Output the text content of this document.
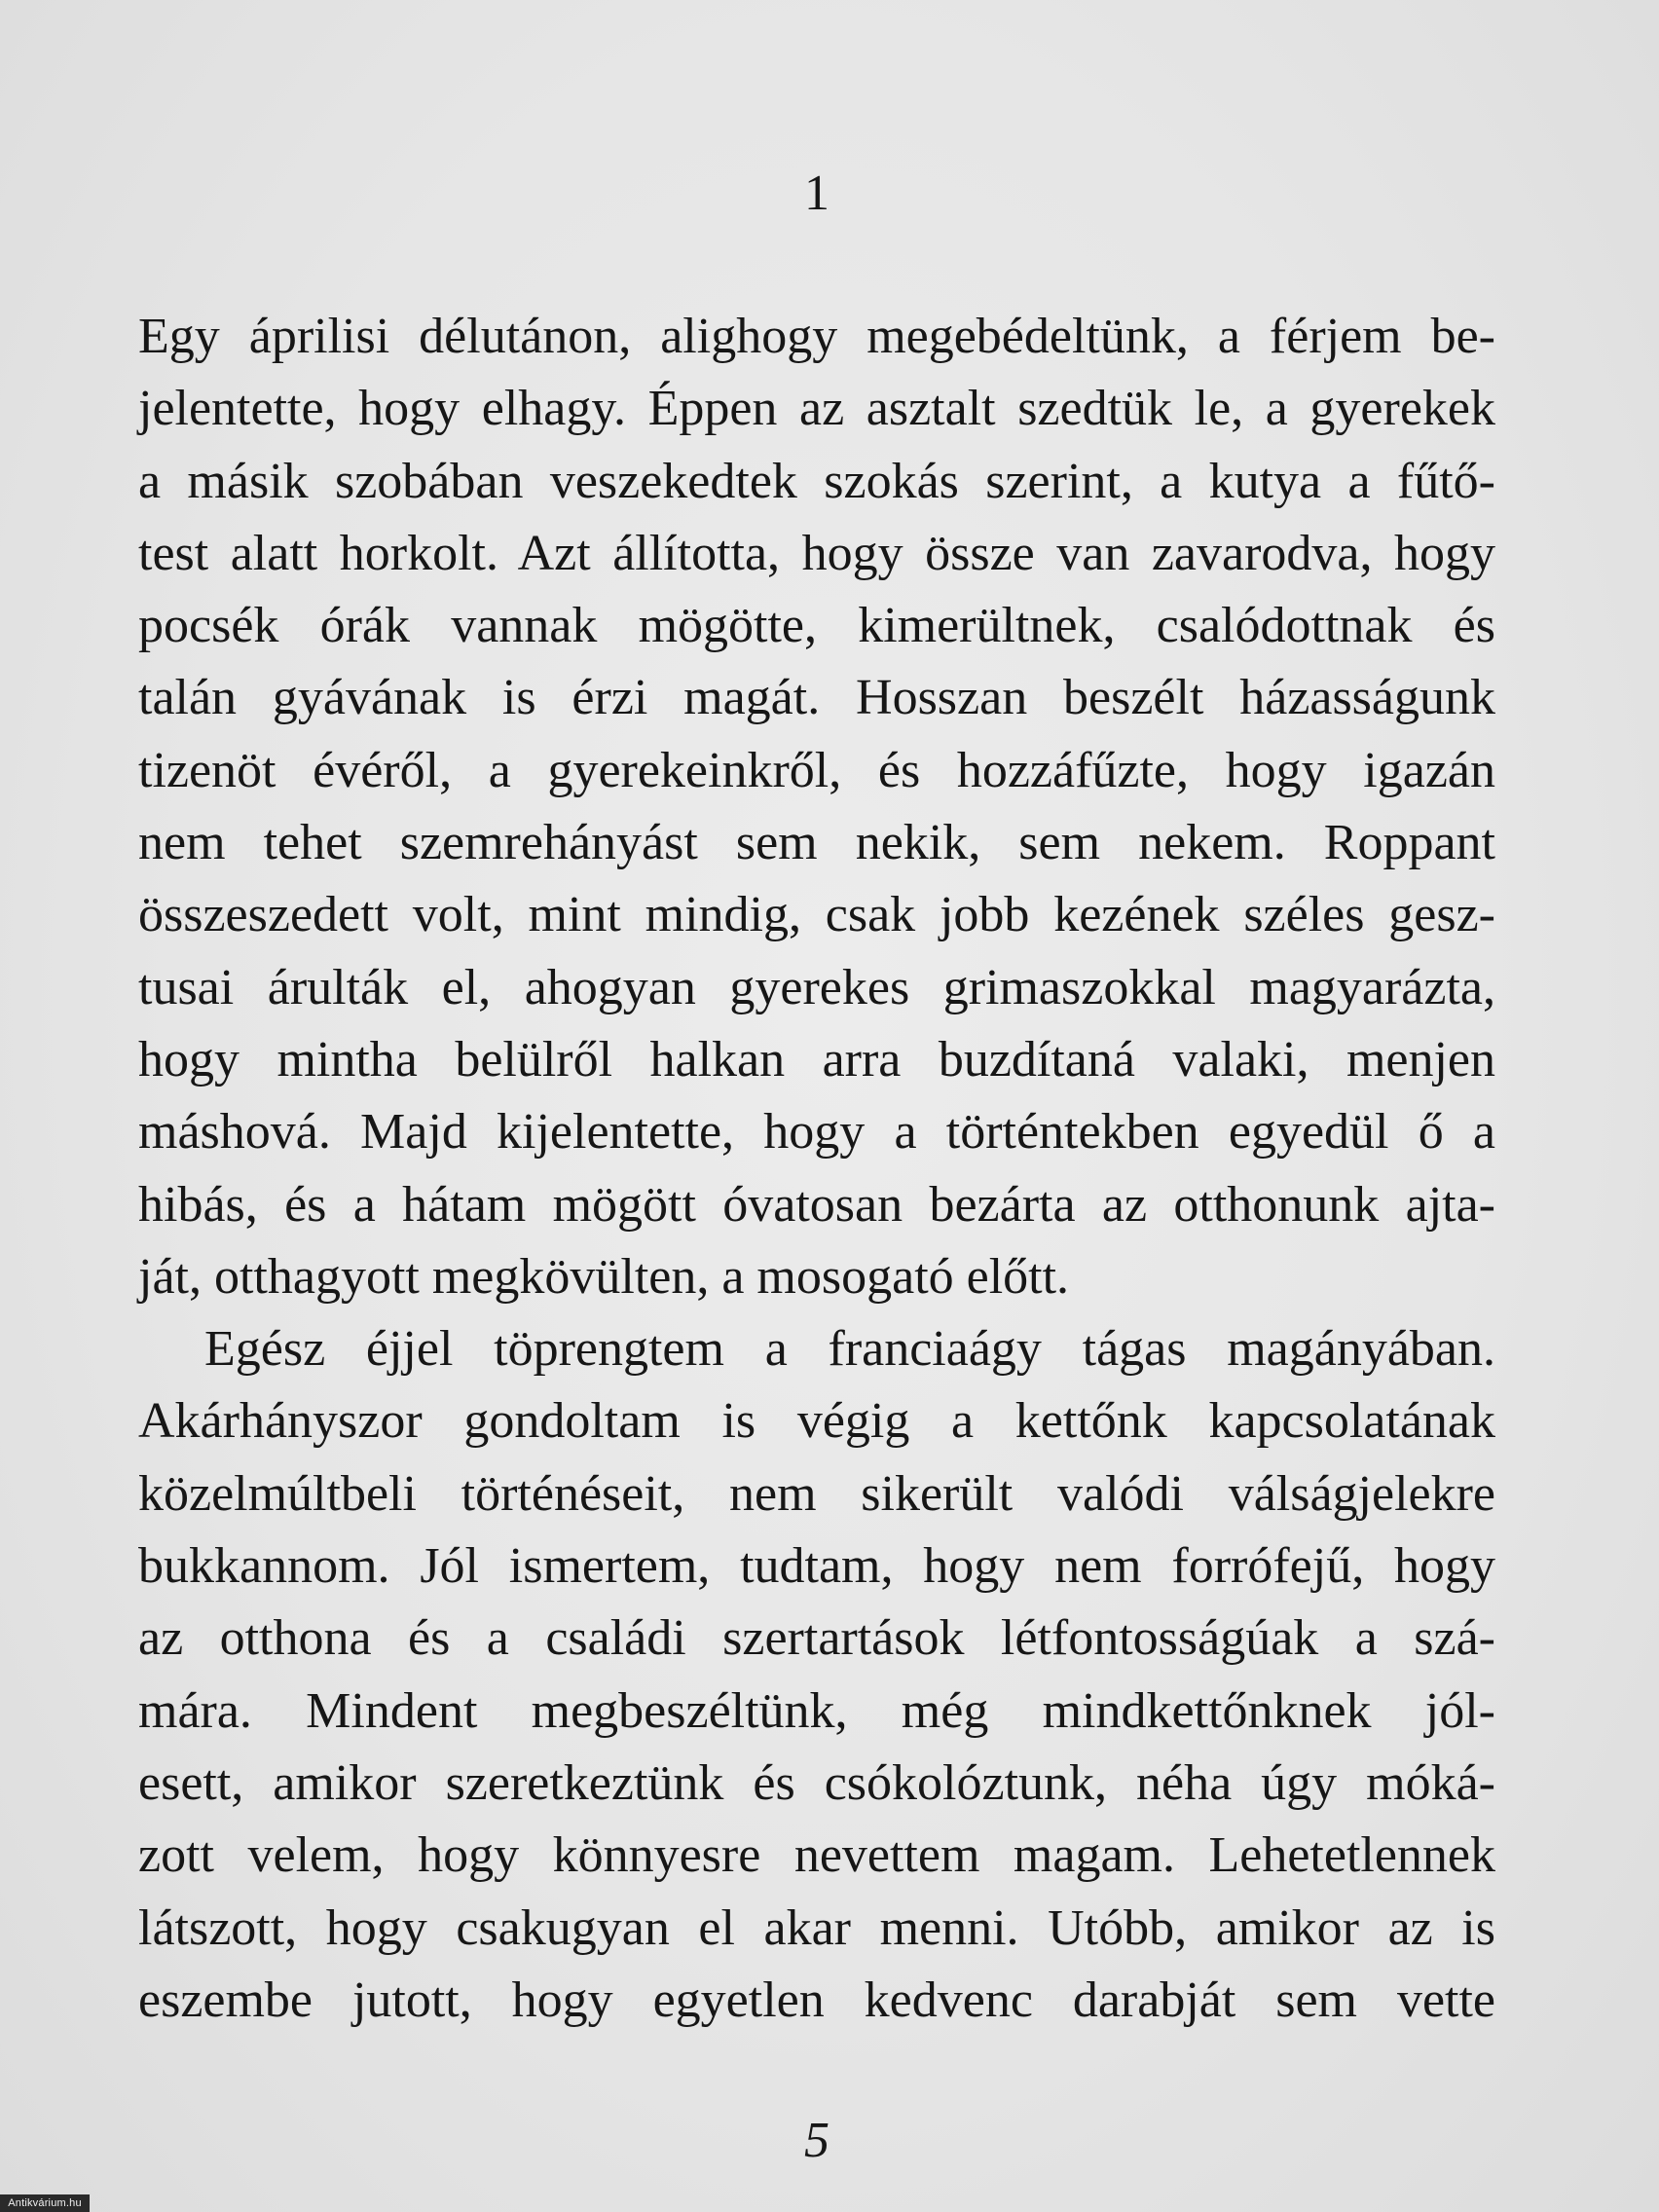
1
Egy áprilisi délutánon, alighogy megebédeltünk, a férjem be-
jelentette, hogy elhagy. Éppen az asztalt szedtük le, a gyerekek
a másik szobában veszekedtek szokás szerint, a kutya a fűtő-
test alatt horkolt. Azt állította, hogy össze van zavarodva, hogy
pocsék órák vannak mögötte, kimerültnek, csalódottnak és
talán gyávának is érzi magát. Hosszan beszélt házasságunk
tizenöt évéről, a gyerekeinkről, és hozzáfűzte, hogy igazán
nem tehet szemrehányást sem nekik, sem nekem. Roppant
összeszedett volt, mint mindig, csak jobb kezének széles gesz-
tusai árulták el, ahogyan gyerekes grimaszokkal magyarázta,
hogy mintha belülről halkan arra buzdítaná valaki, menjen
máshová. Majd kijelentette, hogy a történtekben egyedül ő a
hibás, és a hátam mögött óvatosan bezárta az otthonunk ajta-
ját, otthagyott megkövülten, a mosogató előtt.
Egész éjjel töprengtem a franciaágy tágas magányában.
Akárhányszor gondoltam is végig a kettőnk kapcsolatának
közelmúltbeli történéseit, nem sikerült valódi válságjelekre
bukkannom. Jól ismertem, tudtam, hogy nem forrófejű, hogy
az otthona és a családi szertartások létfontosságúak a szá-
mára. Mindent megbeszéltünk, még mindkettőnknek jól-
esett, amikor szeretkeztünk és csókolóztunk, néha úgy móká-
zott velem, hogy könnyesre nevettem magam. Lehetetlennek
látszott, hogy csakugyan el akar menni. Utóbb, amikor az is
eszembe jutott, hogy egyetlen kedvenc darabját sem vette
5
Antikvárium.hu
